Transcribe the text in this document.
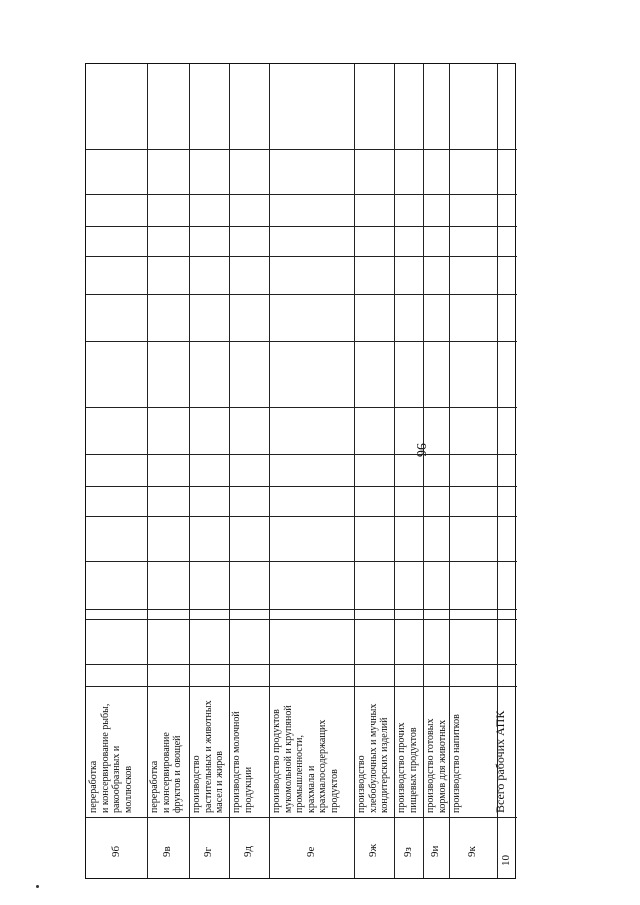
96
переработка и консервирование рыбы, ракообразных и моллюсков
9б
переработка и консервирование фруктов и овощей
9в
производство растительных и животных масел и жиров
9г
производство молочной продукции
9д
производство продуктов мукомольной и крупяной промышленности, крахмала и крахмалосодержащих продуктов
9е
производство хлебобулочных и мучных кондитерских изделий
9ж
производство прочих пищевых продуктов
9з
производство готовых кормов для животных
9и
производство напитков
9к
Всего рабочих АПК
10
